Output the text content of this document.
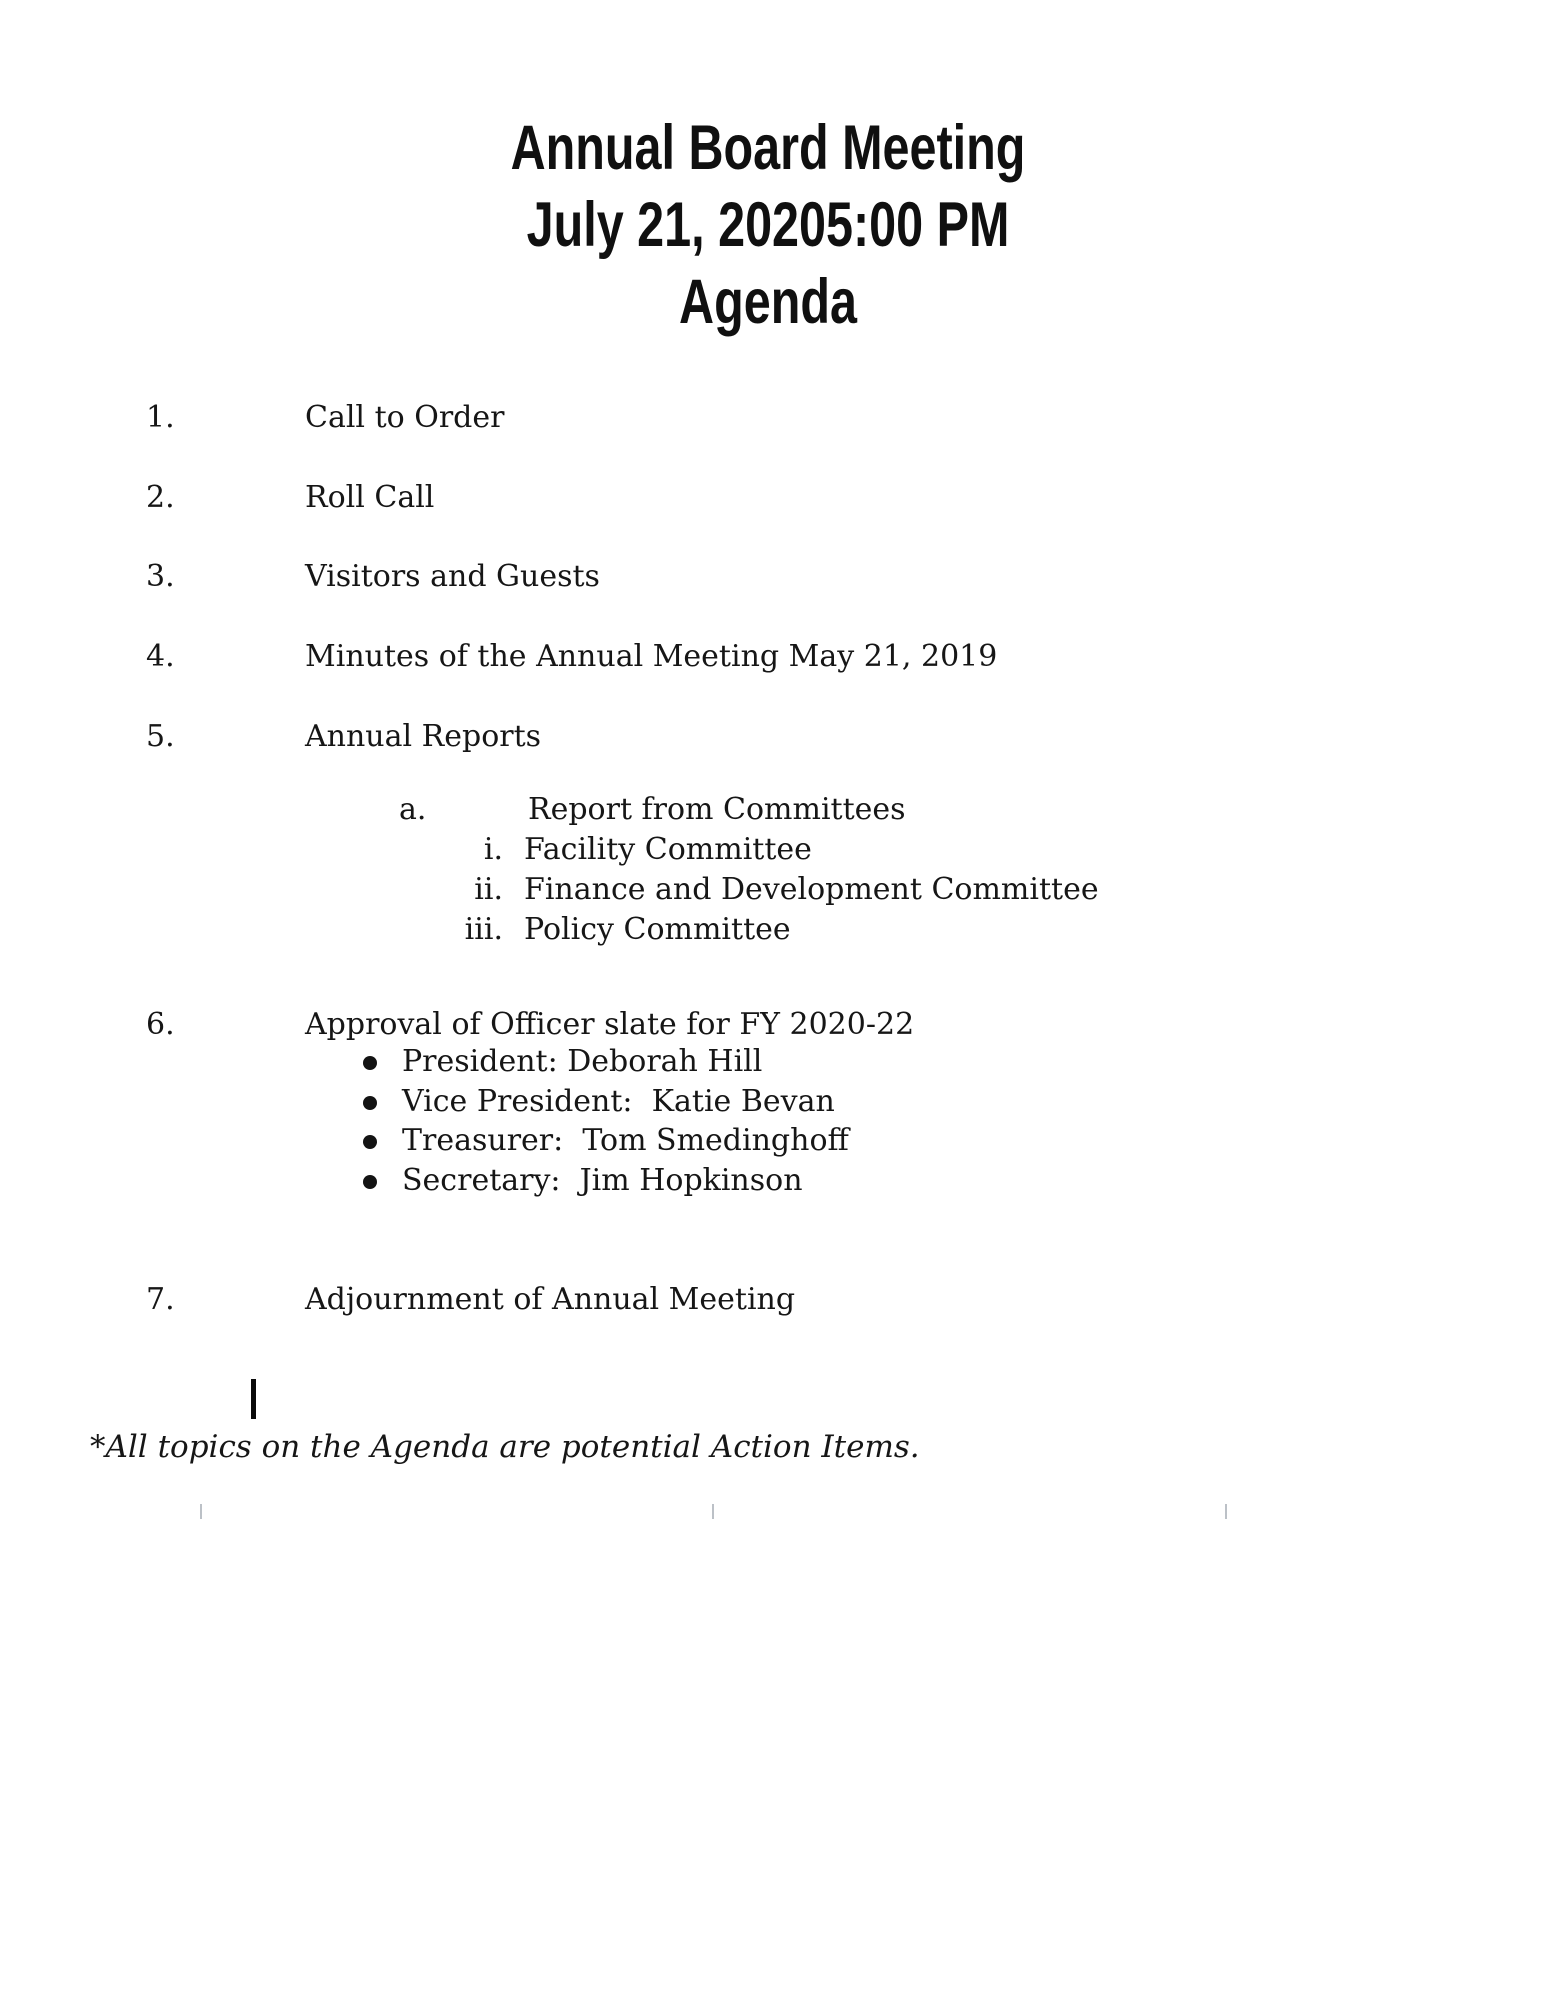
Annual Board Meeting
July 21, 20205:00 PM
Agenda
1.	Call to Order
2.	Roll Call
3.	Visitors and Guests
4.	Minutes of the Annual Meeting May 21, 2019
5.	Annual Reports
a.	Report from Committees
i. Facility Committee
ii. Finance and Development Committee
iii. Policy Committee
6.	Approval of Officer slate for FY 2020-22
President: Deborah Hill
Vice President:  Katie Bevan
Treasurer:  Tom Smedinghoff
Secretary:  Jim Hopkinson
7.	Adjournment of Annual Meeting
*All topics on the Agenda are potential Action Items.
